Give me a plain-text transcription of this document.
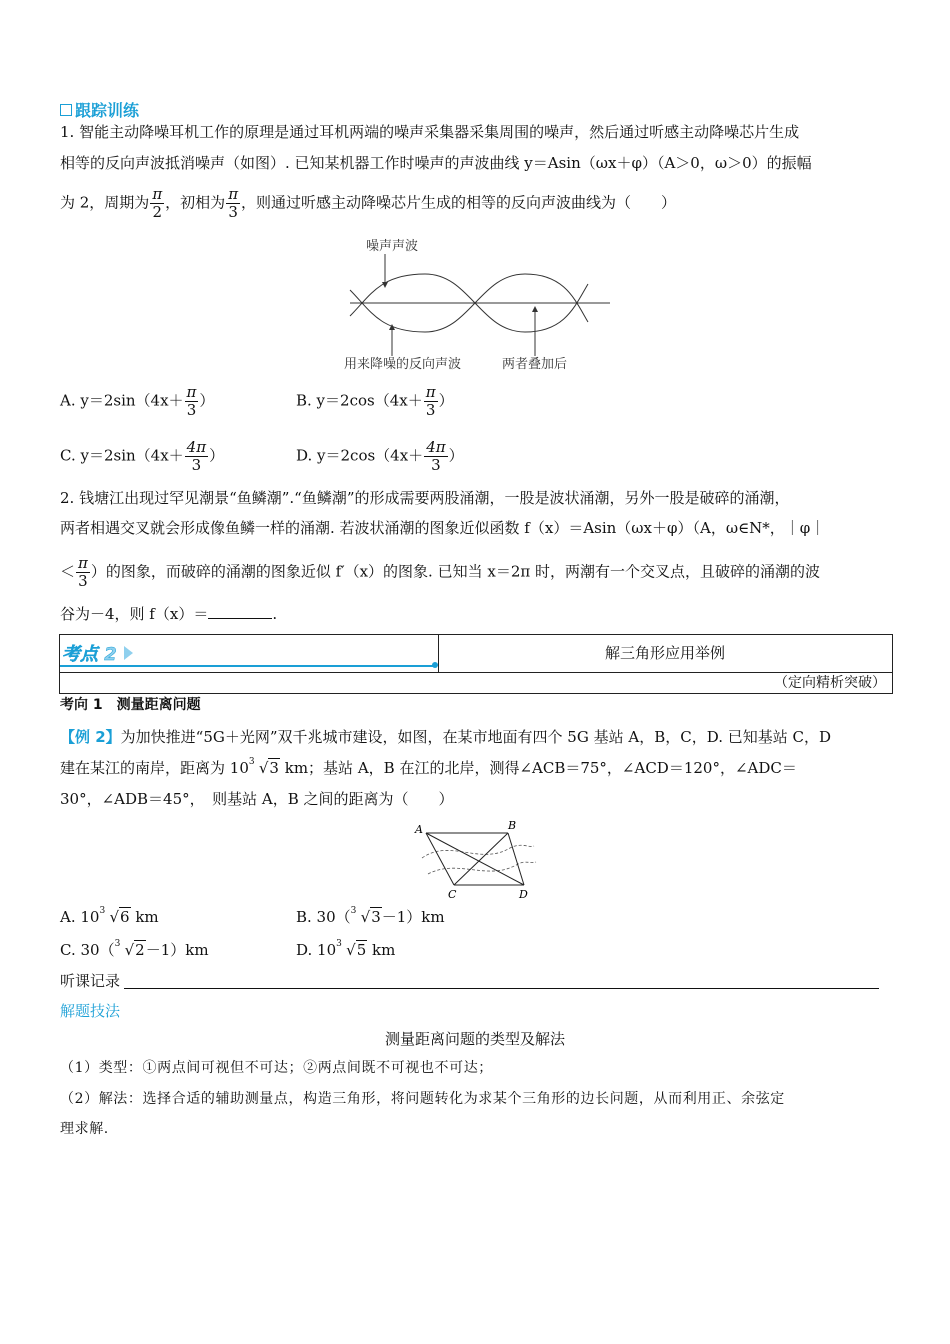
跟踪训练
1. 智能主动降噪耳机工作的原理是通过耳机两端的噪声采集器采集周围的噪声，然后通过听感主动降噪芯片生成
相等的反向声波抵消噪声（如图）. 已知某机器工作时噪声的声波曲线 y＝Asin（ωx＋φ）（A＞0，ω＞0）的振幅
为 2，周期为 $\frac{\pi}{2}$ ，初相为 $\frac{\pi}{3}$ ，则通过听感主动降噪芯片生成的相等的反向声波曲线为（　　）
噪声声波
用来降噪的反向声波	两者叠加后
A. $y=2\sin(4x+ \frac{\pi}{3}$ ）	B. $y=2\cos(4x+ \frac{\pi}{3}$ ）
C. $y=2\sin(4x+ \frac{4\pi}{3}$ ）	D. $y=2\cos(4x+ \frac{4\pi}{3}$ ）
2. 钱塘江出现过罕见潮景“鱼鳞潮”.“鱼鳞潮”的形成需要两股涌潮，一股是波状涌潮，另外一股是破碎的涌潮，
两者相遇交叉就会形成像鱼鳞一样的涌潮. 若波状涌潮的图象近似函数 f（x）＝Asin（ωx＋φ）（A，ω∈N*，｜φ｜
＜ $\frac{\pi}{3}$ ）的图象，而破碎的涌潮的图象近似 f′（x）的图象. 已知当 x＝2π 时，两潮有一个交叉点，且破碎的涌潮的波
谷为－4，则 f（x）＝	.
考点 2	解三角形应用举例
（定向精析突破）
考向 1　测量距离问题
【例 2】为加快推进“5G＋光网”双千兆城市建设，如图，在某市地面有四个 5G 基站 A，B，C，D. 已知基站 C，D
建在某江的南岸，距离为 10 3 √3 km；基站 A，B 在江的北岸，测得∠ACB＝75°，∠ACD＝120°，∠ADC＝
30°，∠ADB＝45°，　则基站 A，B 之间的距离为（　　）
A	B
C	D
A. 10 3 √6 km	B. 30（ 3 √3－1）km
C. 30（ 3 √2－1）km	D. 10 3 √5 km
听课记录
解题技法
测量距离问题的类型及解法
（1）类型：①两点间可视但不可达；②两点间既不可视也不可达；
（2）解法：选择合适的辅助测量点，构造三角形，将问题转化为求某个三角形的边长问题，从而利用正、余弦定
理求解.
